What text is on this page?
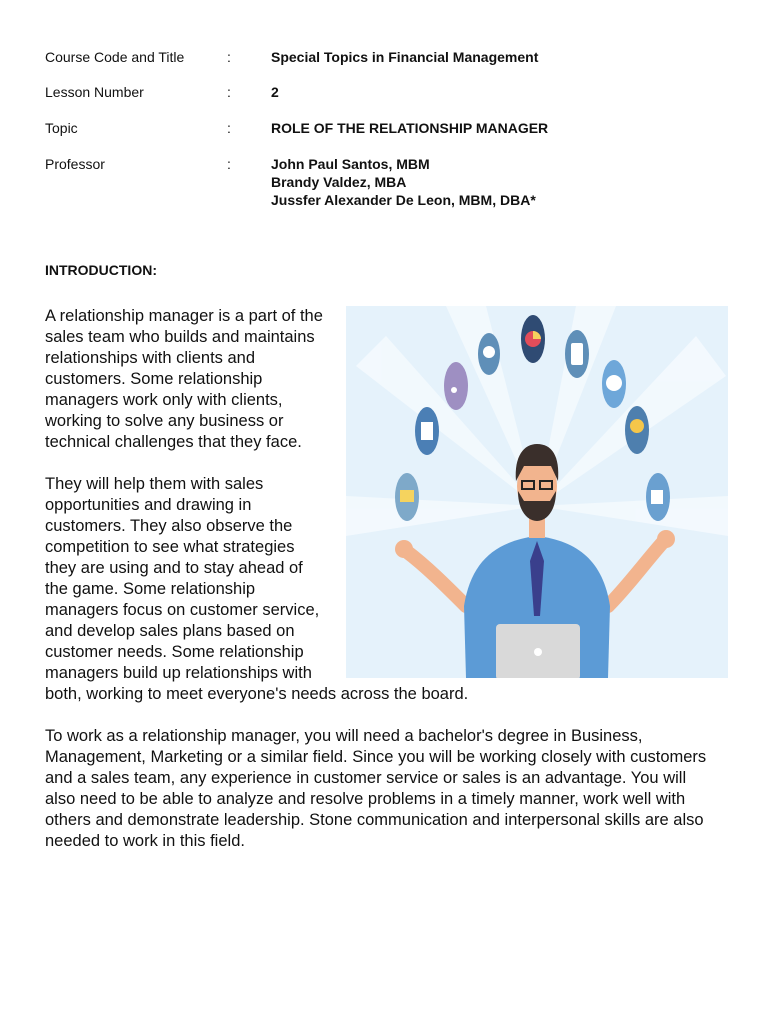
Course Code and Title	:	Special Topics in Financial Management
Lesson Number	:	2
Topic	:	ROLE OF THE RELATIONSHIP MANAGER
Professor	:	John Paul Santos, MBM
Brandy Valdez, MBA
Jussfer Alexander De Leon, MBM, DBA*
INTRODUCTION:

A relationship manager is a part of the sales team who builds and maintains relationships with clients and customers. Some relationship managers work only with clients, working to solve any business or technical challenges that they face.

They will help them with sales opportunities and drawing in customers. They also observe the competition to see what strategies they are using and to stay ahead of the game. Some relationship managers focus on customer service, and develop sales plans based on customer needs. Some relationship managers build up relationships with both, working to meet everyone's needs across the board.

To work as a relationship manager, you will need a bachelor's degree in Business, Management, Marketing or a similar field. Since you will be working closely with customers and a sales team, any experience in customer service or sales is an advantage. You will also need to be able to analyze and resolve problems in a timely manner, work well with others and demonstrate leadership. Stone communication and interpersonal skills are also needed to work in this field.
